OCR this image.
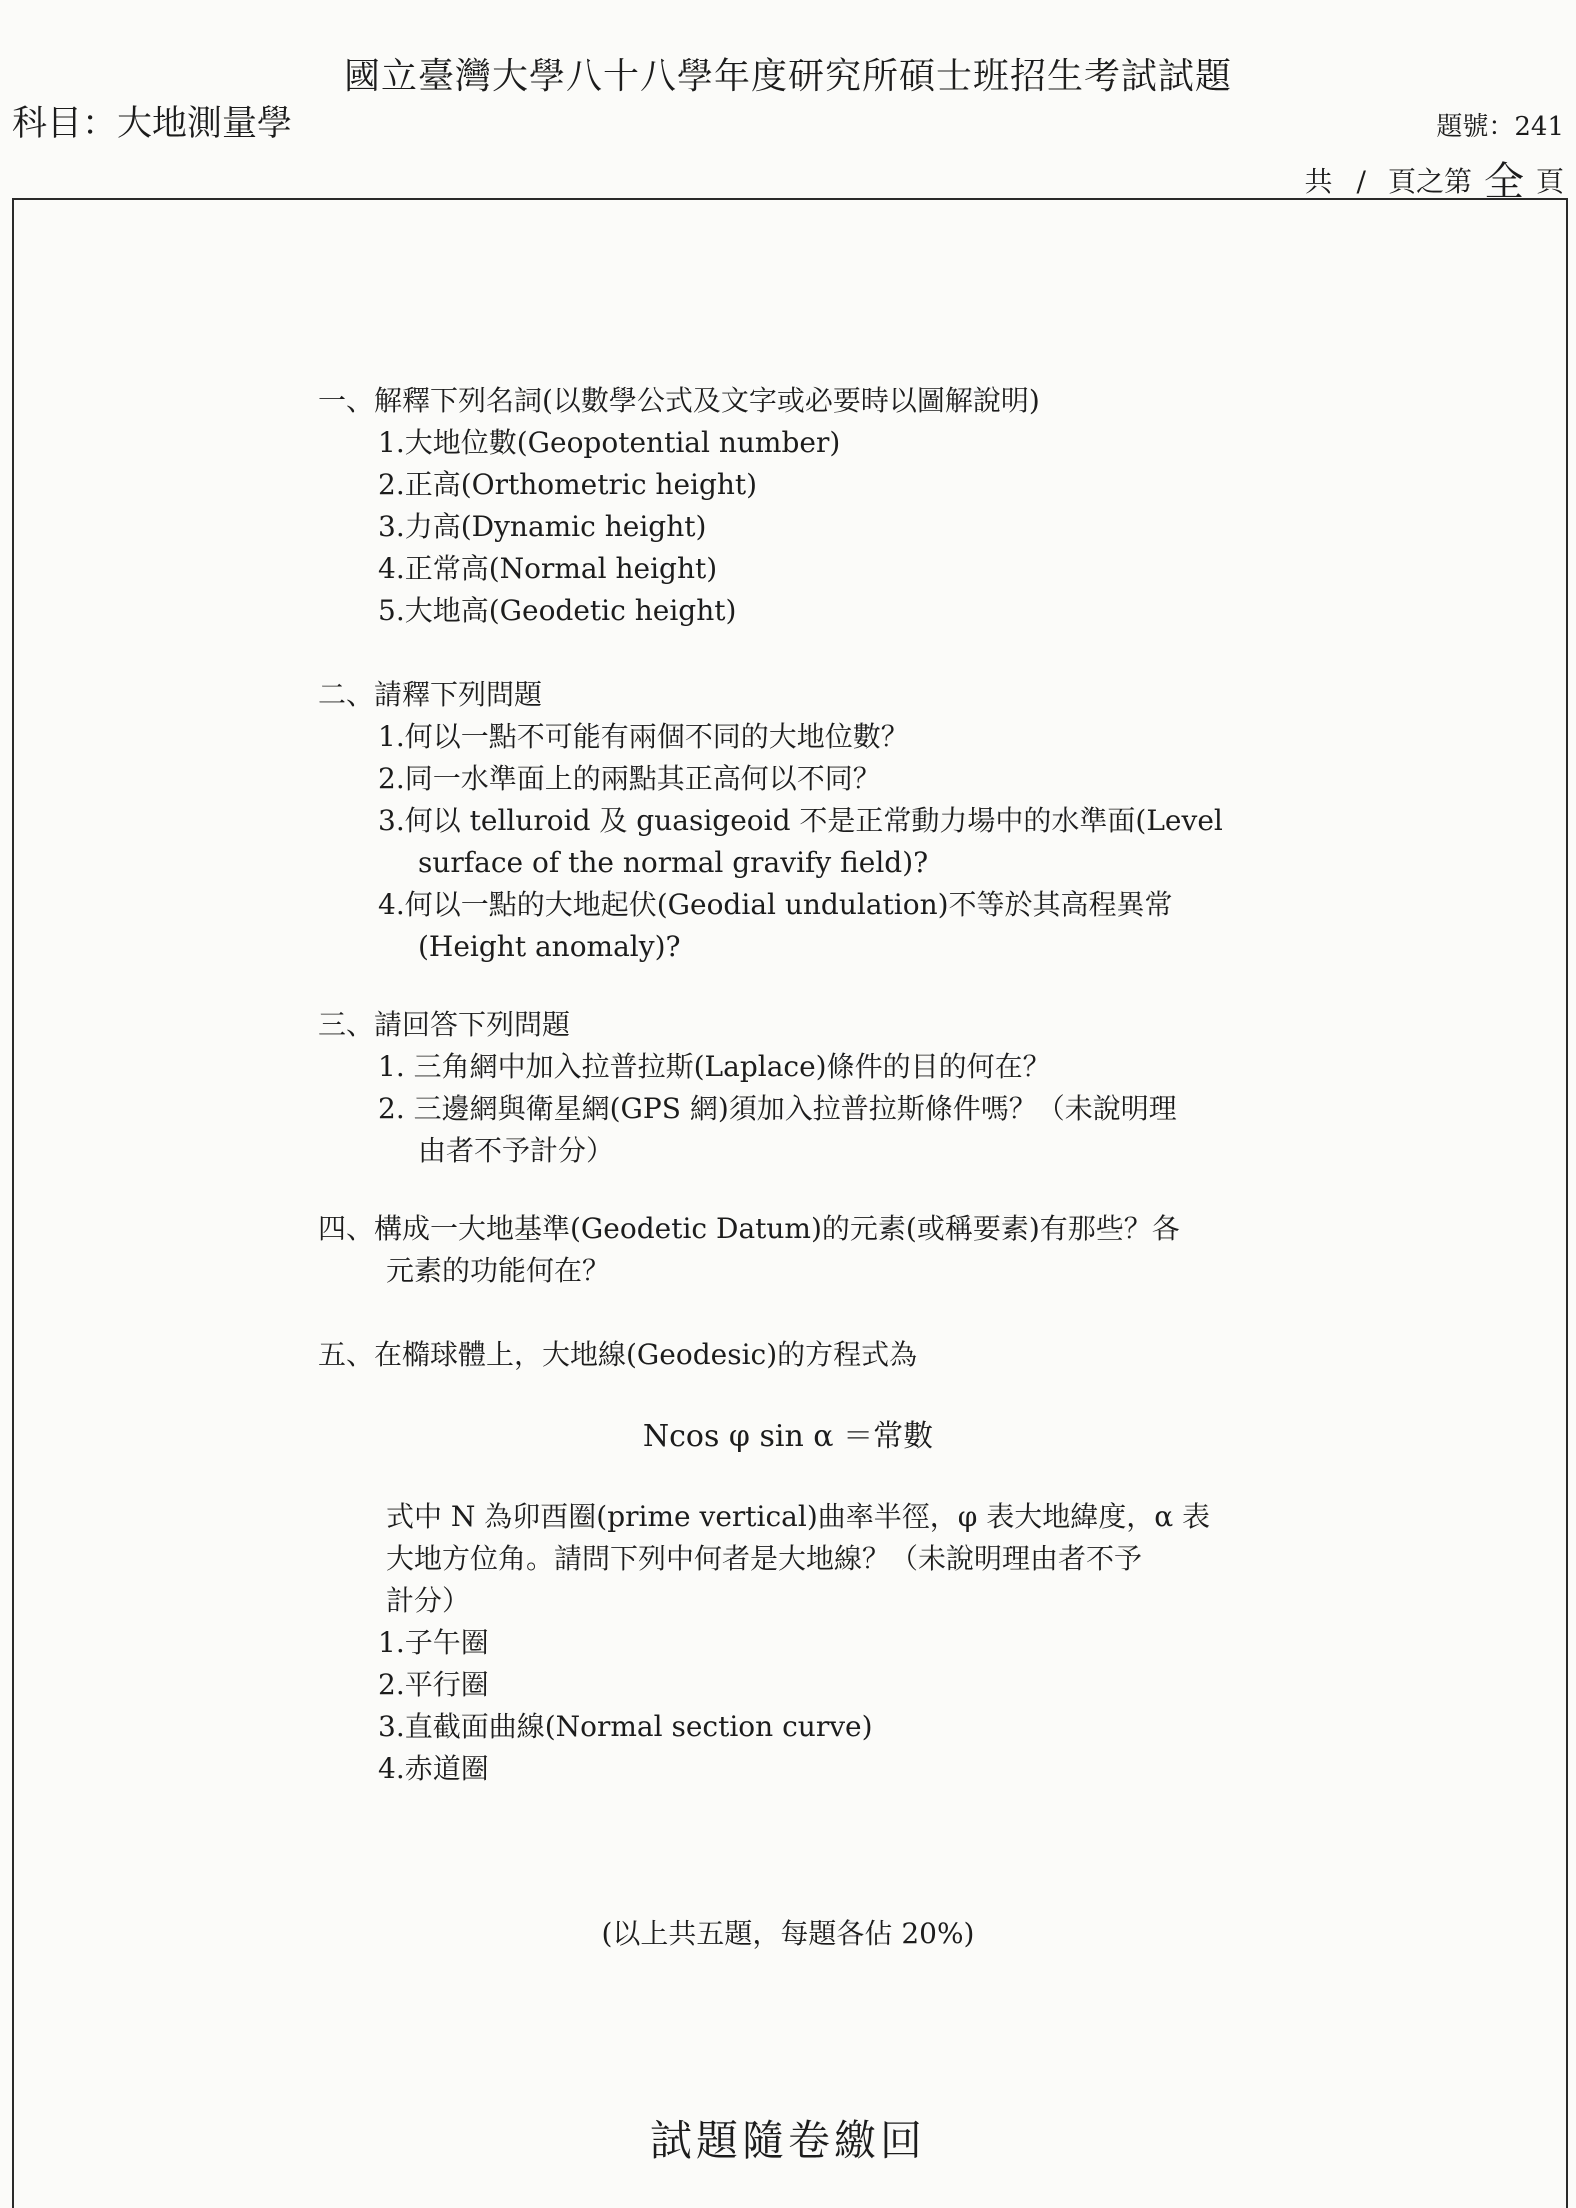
國立臺灣大學八十八學年度研究所碩士班招生考試試題
科目：大地測量學	題號：241
共 / 頁之第 全 頁
一、解釋下列名詞(以數學公式及文字或必要時以圖解說明)
1.大地位數(Geopotential number)
2.正高(Orthometric height)
3.力高(Dynamic height)
4.正常高(Normal height)
5.大地高(Geodetic height)
二、請釋下列問題
1.何以一點不可能有兩個不同的大地位數？
2.同一水準面上的兩點其正高何以不同？
3.何以 telluroid 及 guasigeoid 不是正常動力場中的水準面(Level
surface of the normal gravify field)?
4.何以一點的大地起伏(Geodial undulation)不等於其高程異常
(Height anomaly)?
三、請回答下列問題
1. 三角網中加入拉普拉斯(Laplace)條件的目的何在？
2. 三邊網與衛星網(GPS 網)須加入拉普拉斯條件嗎？（未說明理
由者不予計分）
四、構成一大地基準(Geodetic Datum)的元素(或稱要素)有那些？各
元素的功能何在？
五、在橢球體上，大地線(Geodesic)的方程式為
Ncos φ sin α ＝常數
式中 N 為卯酉圈(prime vertical)曲率半徑，φ 表大地緯度，α 表
大地方位角。請問下列中何者是大地線？（未說明理由者不予
計分）
1.子午圈
2.平行圈
3.直截面曲線(Normal section curve)
4.赤道圈
(以上共五題，每題各佔 20%)
試題隨卷繳回
